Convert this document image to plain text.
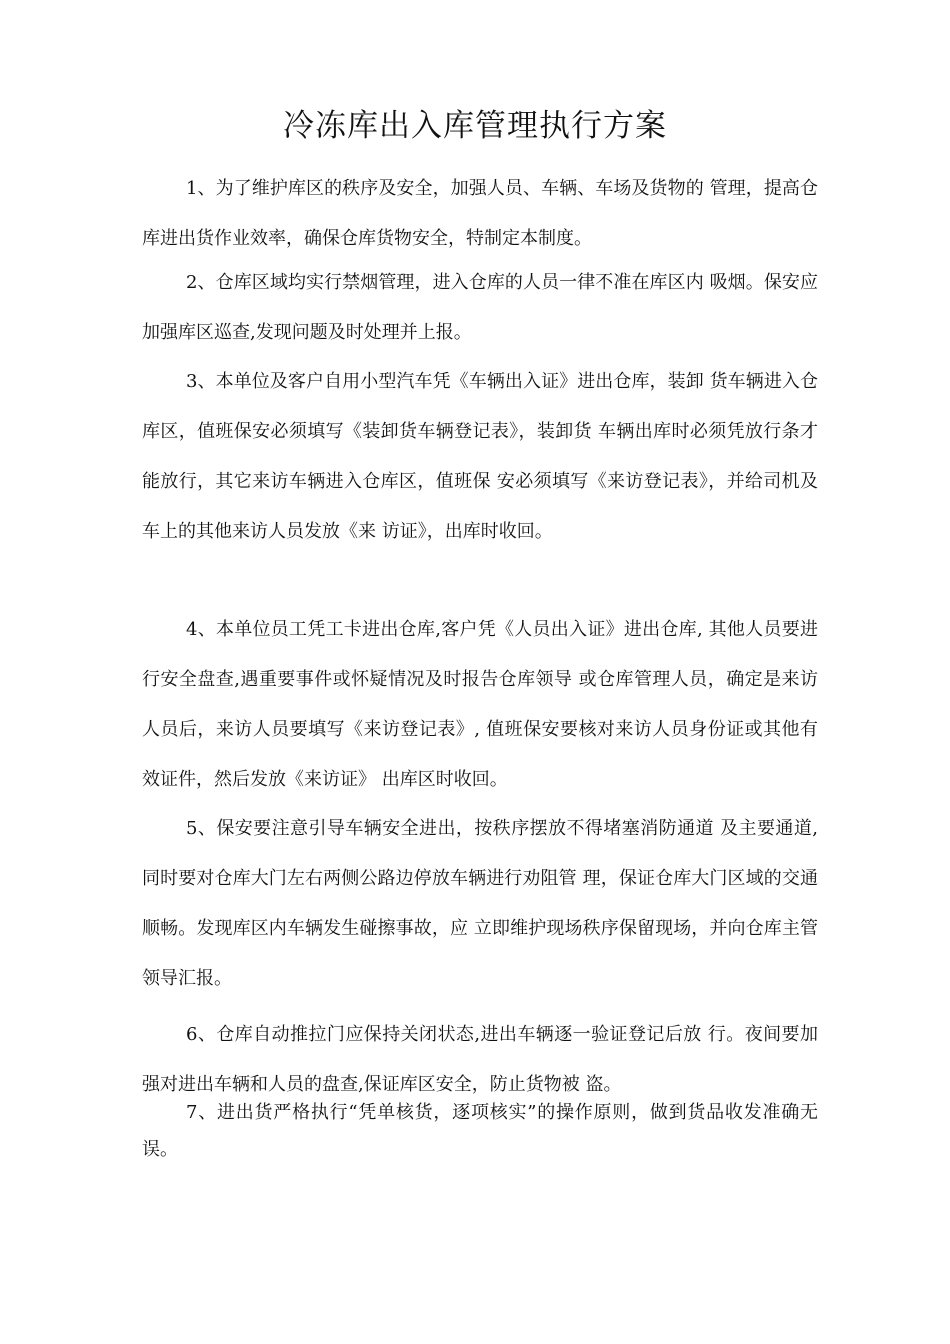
冷冻库出入库管理执行方案

1、为了维护库区的秩序及安全，加强人员、车辆、车场及货物的 管理，提高仓库进出货作业效率，确保仓库货物安全，特制定本制度。

2、仓库区域均实行禁烟管理，进入仓库的人员一律不准在库区内 吸烟。保安应加强库区巡查,发现问题及时处理并上报。

3、本单位及客户自用小型汽车凭《车辆出入证》进出仓库，装卸 货车辆进入仓库区，值班保安必须填写《装卸货车辆登记表》，装卸货 车辆出库时必须凭放行条才能放行，其它来访车辆进入仓库区，值班保 安必须填写《来访登记表》，并给司机及车上的其他来访人员发放《来 访证》，出库时收回。

4、本单位员工凭工卡进出仓库,客户凭《人员出入证》进出仓库, 其他人员要进行安全盘查,遇重要事件或怀疑情况及时报告仓库领导 或仓库管理人员，确定是来访人员后，来访人员要填写《来访登记表》, 值班保安要核对来访人员身份证或其他有效证件，然后发放《来访证》 出库区时收回。

5、保安要注意引导车辆安全进出，按秩序摆放不得堵塞消防通道 及主要通道,同时要对仓库大门左右两侧公路边停放车辆进行劝阻管 理，保证仓库大门区域的交通顺畅。发现库区内车辆发生碰擦事故，应 立即维护现场秩序保留现场，并向仓库主管领导汇报。

6、仓库自动推拉门应保持关闭状态,进出车辆逐一验证登记后放 行。夜间要加强对进出车辆和人员的盘查,保证库区安全，防止货物被 盗。

7、进出货严格执行“凭单核货，逐项核实”的操作原则，做到货品收发准确无误。
